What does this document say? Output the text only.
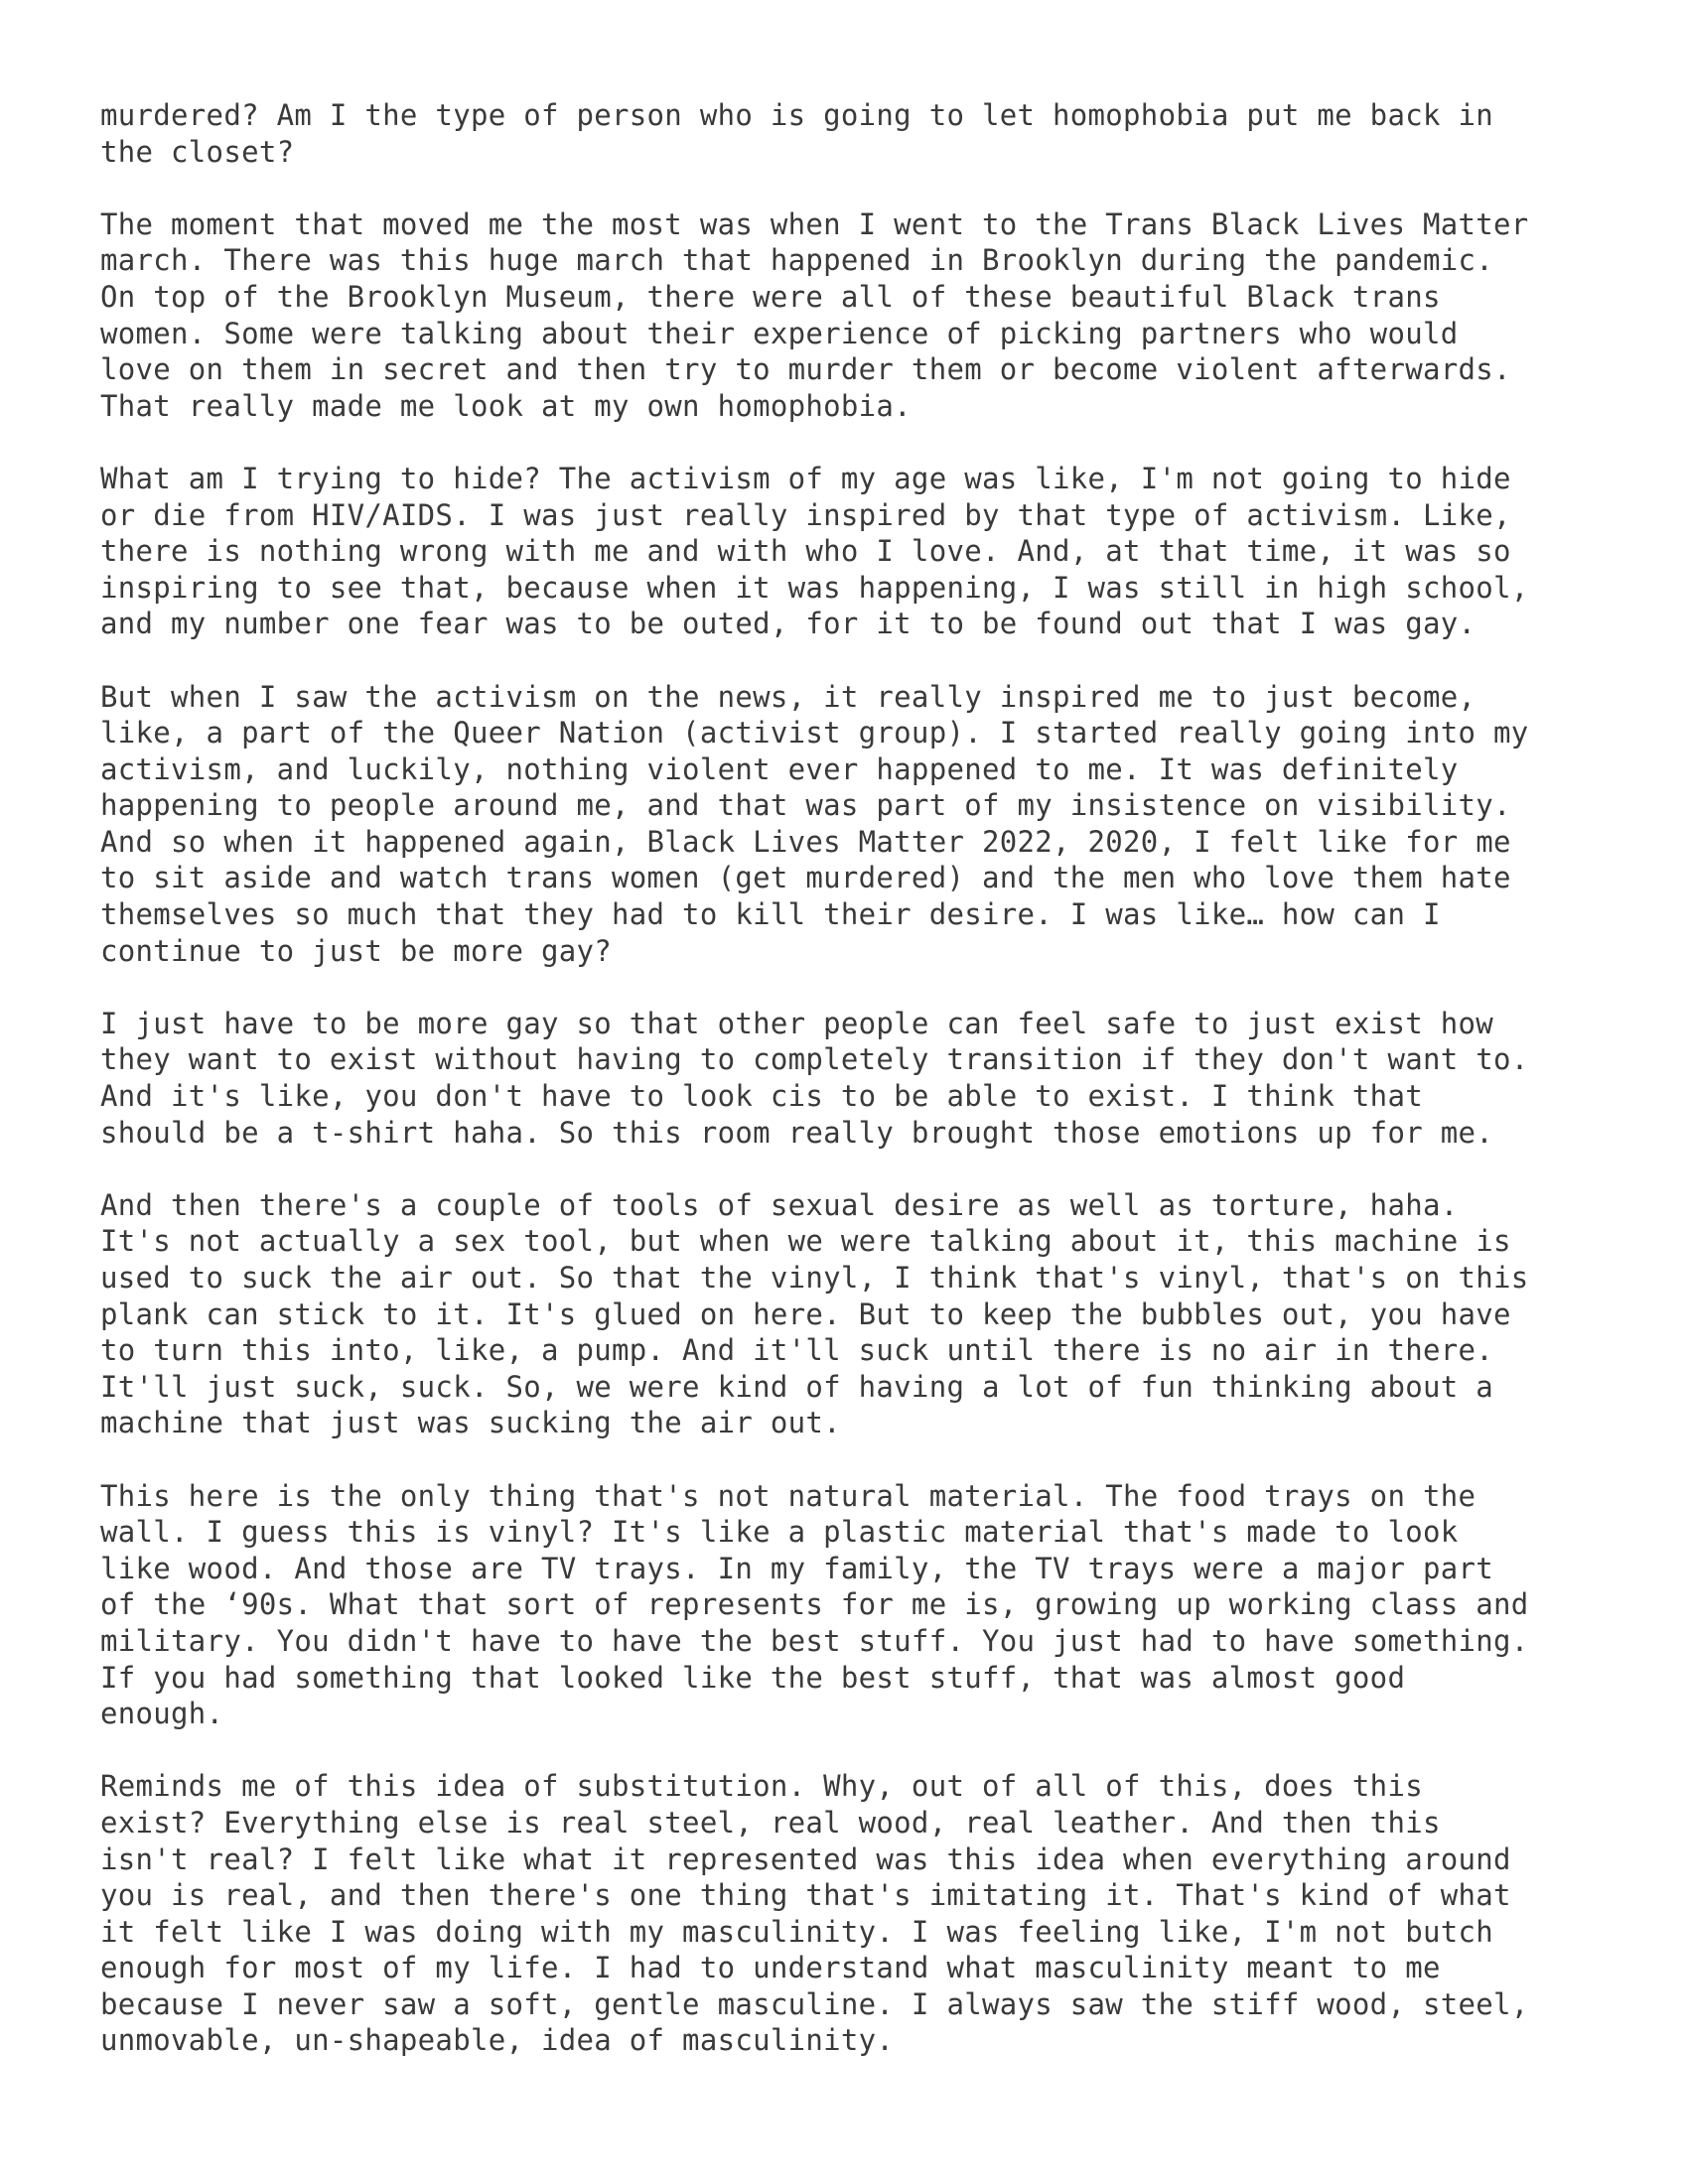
murdered? Am I the type of person who is going to let homophobia put me back in
the closet?

The moment that moved me the most was when I went to the Trans Black Lives Matter
march. There was this huge march that happened in Brooklyn during the pandemic.
On top of the Brooklyn Museum, there were all of these beautiful Black trans
women. Some were talking about their experience of picking partners who would
love on them in secret and then try to murder them or become violent afterwards.
That really made me look at my own homophobia.

What am I trying to hide? The activism of my age was like, I'm not going to hide
or die from HIV/AIDS. I was just really inspired by that type of activism. Like,
there is nothing wrong with me and with who I love. And, at that time, it was so
inspiring to see that, because when it was happening, I was still in high school,
and my number one fear was to be outed, for it to be found out that I was gay.

But when I saw the activism on the news, it really inspired me to just become,
like, a part of the Queer Nation (activist group). I started really going into my
activism, and luckily, nothing violent ever happened to me. It was definitely
happening to people around me, and that was part of my insistence on visibility.
And so when it happened again, Black Lives Matter 2022, 2020, I felt like for me
to sit aside and watch trans women (get murdered) and the men who love them hate
themselves so much that they had to kill their desire. I was like… how can I
continue to just be more gay?

I just have to be more gay so that other people can feel safe to just exist how
they want to exist without having to completely transition if they don't want to.
And it's like, you don't have to look cis to be able to exist. I think that
should be a t-shirt haha. So this room really brought those emotions up for me.

And then there's a couple of tools of sexual desire as well as torture, haha.
It's not actually a sex tool, but when we were talking about it, this machine is
used to suck the air out. So that the vinyl, I think that's vinyl, that's on this
plank can stick to it. It's glued on here. But to keep the bubbles out, you have
to turn this into, like, a pump. And it'll suck until there is no air in there.
It'll just suck, suck. So, we were kind of having a lot of fun thinking about a
machine that just was sucking the air out.

This here is the only thing that's not natural material. The food trays on the
wall. I guess this is vinyl? It's like a plastic material that's made to look
like wood. And those are TV trays. In my family, the TV trays were a major part
of the ‘90s. What that sort of represents for me is, growing up working class and
military. You didn't have to have the best stuff. You just had to have something.
If you had something that looked like the best stuff, that was almost good
enough.

Reminds me of this idea of substitution. Why, out of all of this, does this
exist? Everything else is real steel, real wood, real leather. And then this
isn't real? I felt like what it represented was this idea when everything around
you is real, and then there's one thing that's imitating it. That's kind of what
it felt like I was doing with my masculinity. I was feeling like, I'm not butch
enough for most of my life. I had to understand what masculinity meant to me
because I never saw a soft, gentle masculine. I always saw the stiff wood, steel,
unmovable, un-shapeable, idea of masculinity.
